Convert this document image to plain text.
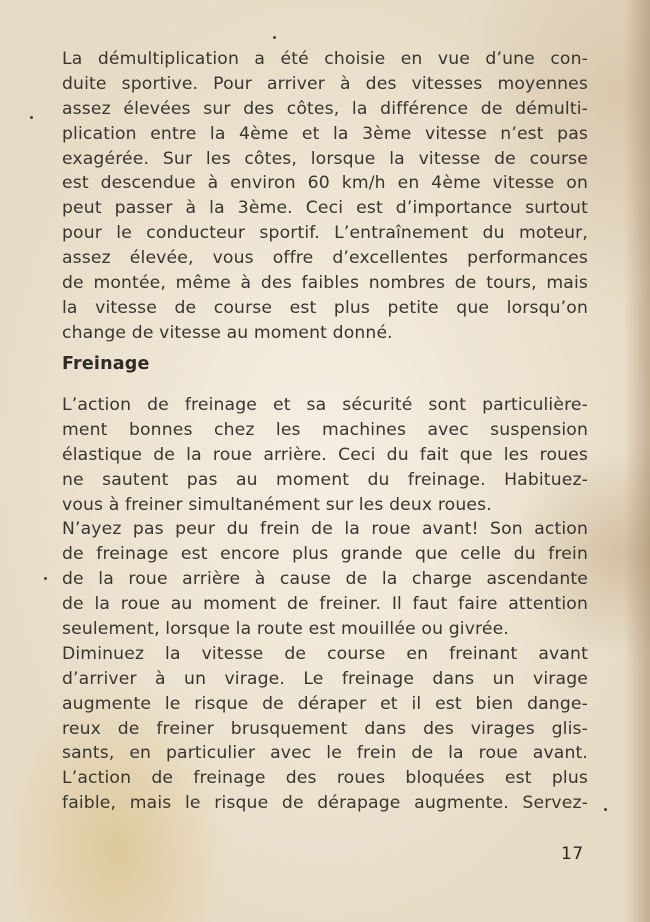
La démultiplication a été choisie en vue d’une con-
duite sportive. Pour arriver à des vitesses moyennes
assez élevées sur des côtes, la différence de démulti-
plication entre la 4ème et la 3ème vitesse n’est pas
exagérée. Sur les côtes, lorsque la vitesse de course
est descendue à environ 60 km/h en 4ème vitesse on
peut passer à la 3ème. Ceci est d’importance surtout
pour le conducteur sportif. L’entraînement du moteur,
assez élevée, vous offre d’excellentes performances
de montée, même à des faibles nombres de tours, mais
la vitesse de course est plus petite que lorsqu’on
change de vitesse au moment donné.
Freinage
L’action de freinage et sa sécurité sont particulière-
ment bonnes chez les machines avec suspension
élastique de la roue arrière. Ceci du fait que les roues
ne sautent pas au moment du freinage. Habituez-
vous à freiner simultanément sur les deux roues.
N’ayez pas peur du frein de la roue avant! Son action
de freinage est encore plus grande que celle du frein
de la roue arrière à cause de la charge ascendante
de la roue au moment de freiner. Il faut faire attention
seulement, lorsque la route est mouillée ou givrée.
Diminuez la vitesse de course en freinant avant
d’arriver à un virage. Le freinage dans un virage
augmente le risque de déraper et il est bien dange-
reux de freiner brusquement dans des virages glis-
sants, en particulier avec le frein de la roue avant.
L’action de freinage des roues bloquées est plus
faible, mais le risque de dérapage augmente. Servez-
17
